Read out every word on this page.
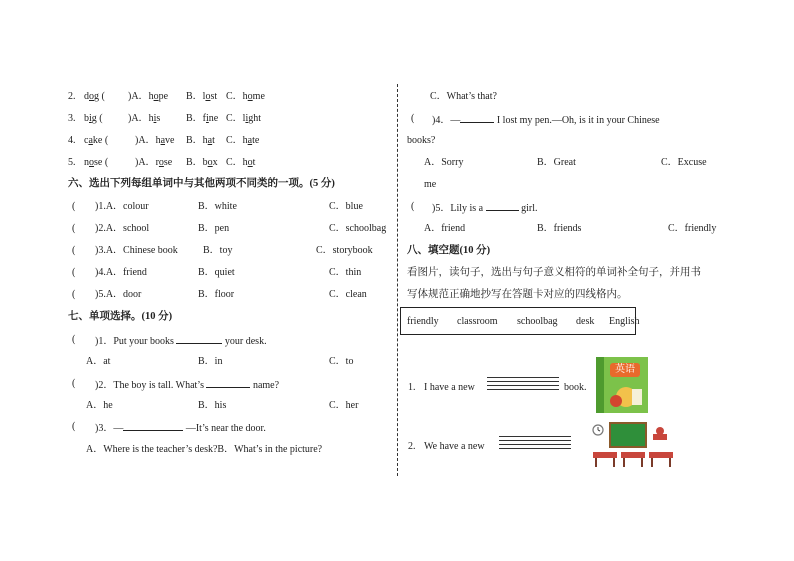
2. dog ( )A．hope B．lost C．home
3. big (	)A．his	B．fine C．light
4. cake (	)A．have B．hat C．hate
5. nose (	)A．rose B．box C．hot
六、选出下列每组单词中与其他两项不同类的一项。(5 分)
( )1.A．colour	B．white	C．blue
( )2.A．school	B．pen	C．schoolbag
( )3.A．Chinese book	B．toy	C．storybook
( )4.A．friend	B．quiet	C．thin
( )5.A．door	B．floor	C．clean
七、单项选择。(10 分)
( )1．Put your books	your desk.
A．at	B．in	C．to
( )2．The boy is tall. What’s	name?
A．he	B．his	C．her
( )3．—	—It’s near the door.
A．Where is the teacher’s desk?B．What’s in the picture?
C．What’s that?
( )4．—	I lost my pen.—Oh, is it in your Chinese
books?
A．Sorry	B．Great	C．Excuse
me
( )5．Lily is a	girl.
A．friend	B．friends	C．friendly
八、填空题(10 分)
看图片，读句子，选出与句子意义相符的单词补全句子，并用书
写体规范正确地抄写在答题卡对应的四线格内。
friendly classroom schoolbag desk English
1. I have a new	book.
英语
2. We have a new
